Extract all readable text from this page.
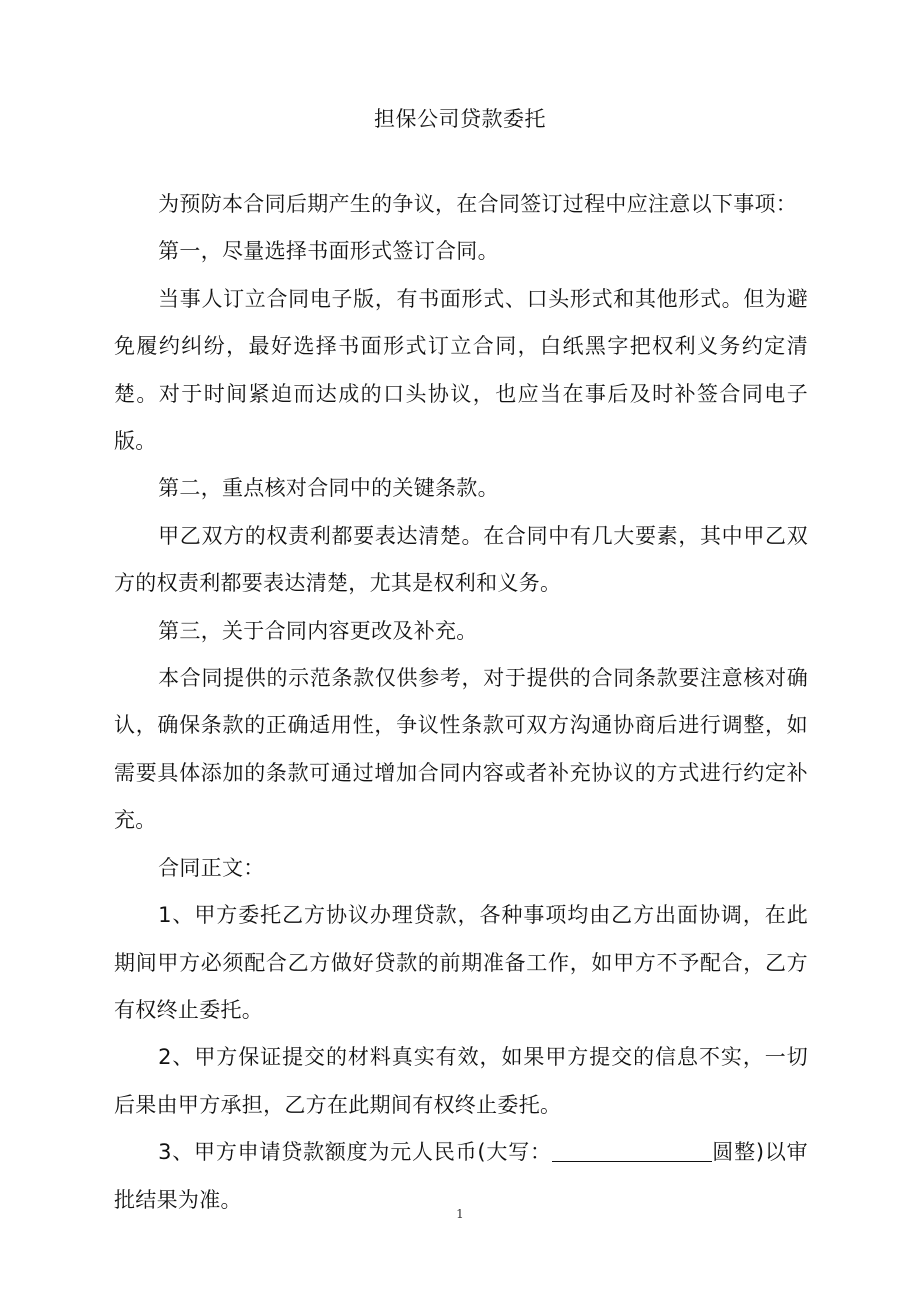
担保公司贷款委托

为预防本合同后期产生的争议，在合同签订过程中应注意以下事项：

第一，尽量选择书面形式签订合同。

当事人订立合同电子版，有书面形式、口头形式和其他形式。但为避免履约纠纷，最好选择书面形式订立合同，白纸黑字把权利义务约定清楚。对于时间紧迫而达成的口头协议，也应当在事后及时补签合同电子版。

第二，重点核对合同中的关键条款。

甲乙双方的权责利都要表达清楚。在合同中有几大要素，其中甲乙双方的权责利都要表达清楚，尤其是权利和义务。

第三，关于合同内容更改及补充。

本合同提供的示范条款仅供参考，对于提供的合同条款要注意核对确认，确保条款的正确适用性，争议性条款可双方沟通协商后进行调整，如需要具体添加的条款可通过增加合同内容或者补充协议的方式进行约定补充。

合同正文：

1、甲方委托乙方协议办理贷款，各种事项均由乙方出面协调，在此期间甲方必须配合乙方做好贷款的前期准备工作，如甲方不予配合，乙方有权终止委托。

2、甲方保证提交的材料真实有效，如果甲方提交的信息不实，一切后果由甲方承担，乙方在此期间有权终止委托。

3、甲方申请贷款额度为元人民币(大写：	圆整)以审批结果为准。

1
